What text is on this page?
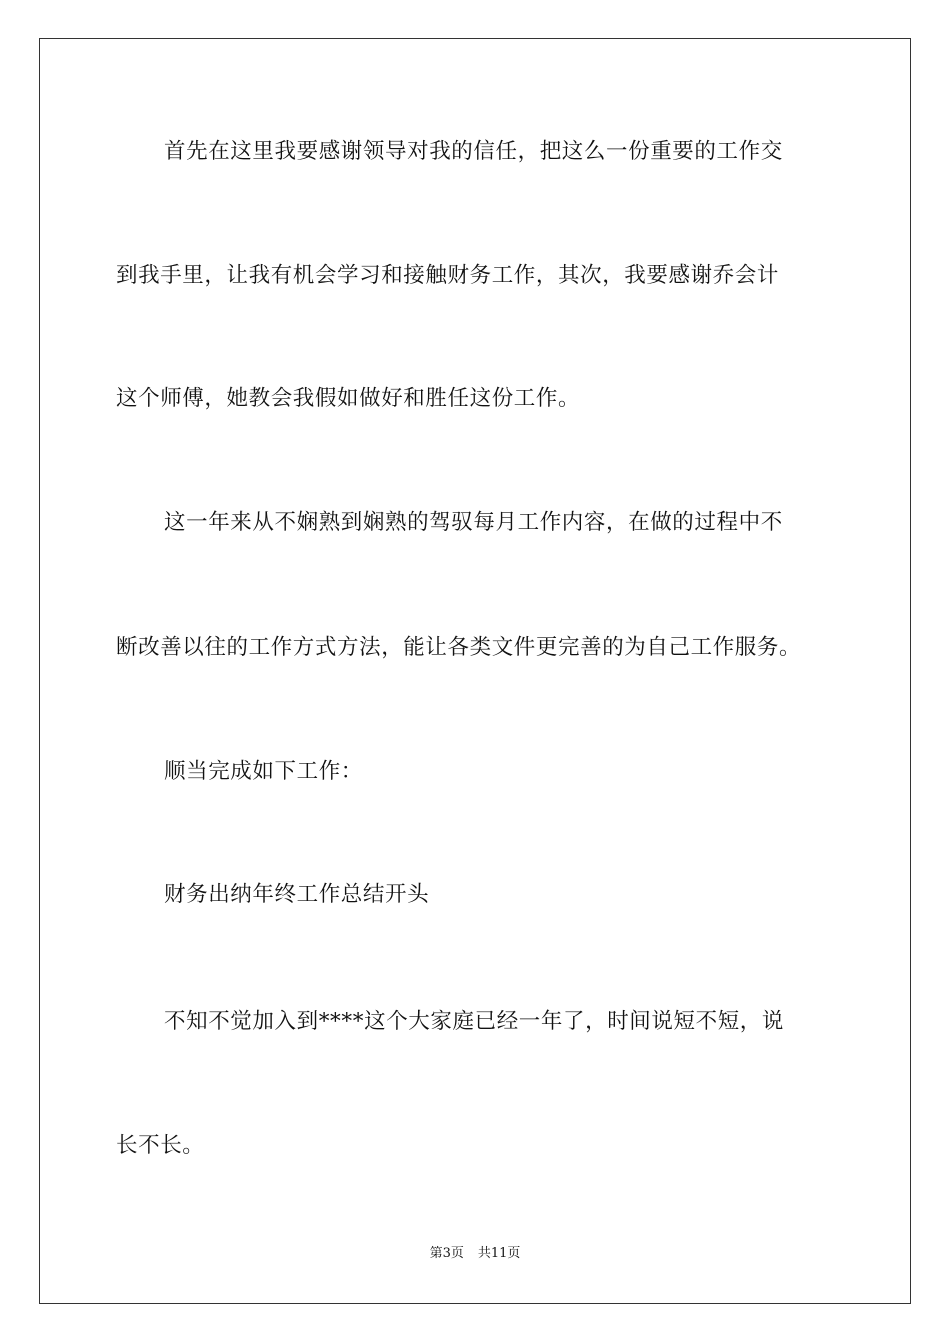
首先在这里我要感谢领导对我的信任，把这么一份重要的工作交
到我手里，让我有机会学习和接触财务工作，其次，我要感谢乔会计
这个师傅，她教会我假如做好和胜任这份工作。
这一年来从不娴熟到娴熟的驾驭每月工作内容，在做的过程中不
断改善以往的工作方式方法，能让各类文件更完善的为自己工作服务。
顺当完成如下工作：
财务出纳年终工作总结开头
不知不觉加入到****这个大家庭已经一年了，时间说短不短，说
长不长。
第3页 共11页
